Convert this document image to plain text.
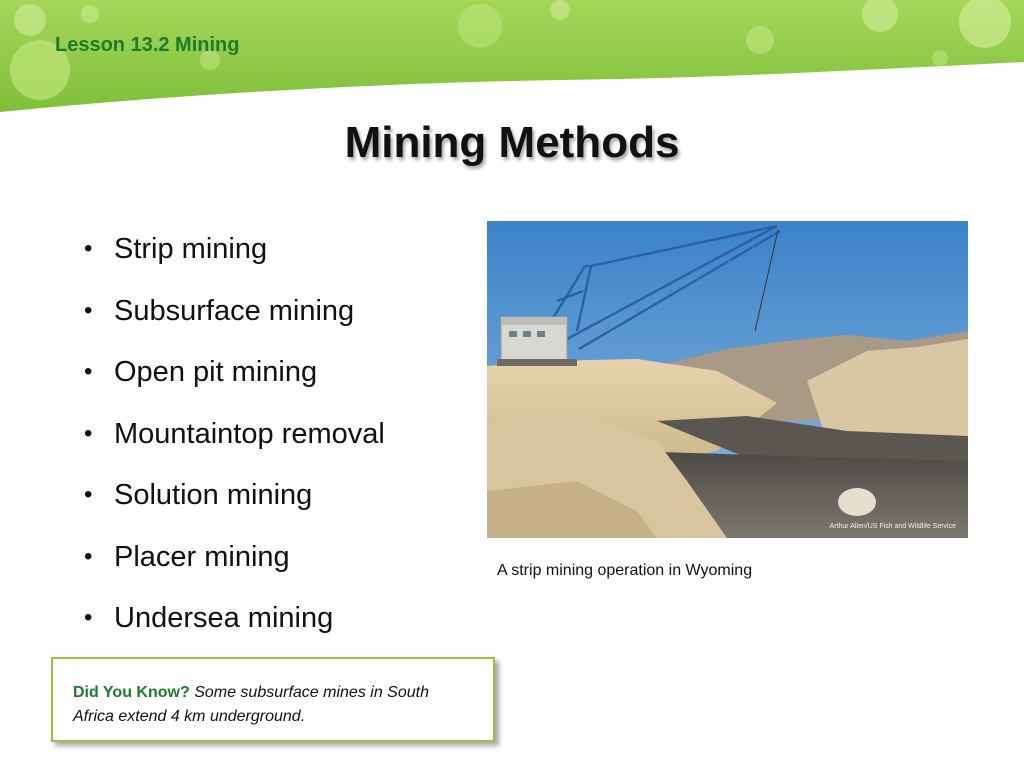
Lesson 13.2 Mining
Mining Methods
• Strip mining
• Subsurface mining
• Open pit mining
• Mountaintop removal
• Solution mining
• Placer mining
• Undersea mining
Arthur Allen/US Fish and Wildlife Service
A strip mining operation in Wyoming
Did You Know? Some subsurface mines in South Africa extend 4 km underground.
